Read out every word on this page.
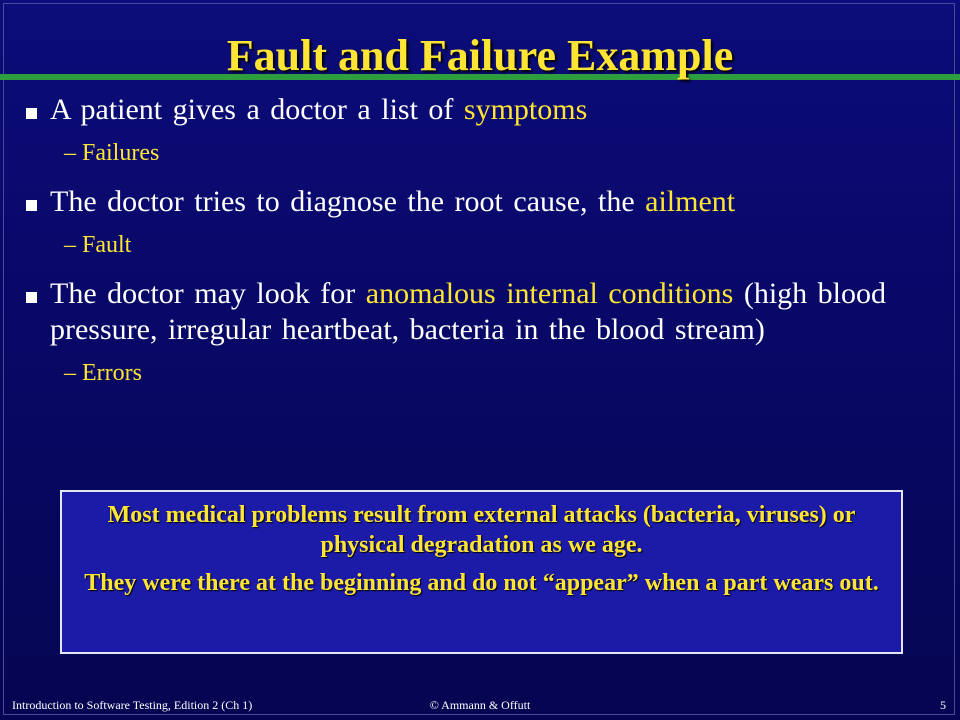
Fault and Failure Example
A patient gives a doctor a list of symptoms
– Failures
The doctor tries to diagnose the root cause, the ailment
– Fault
The doctor may look for anomalous internal conditions (high blood pressure, irregular heartbeat, bacteria in the blood stream)
– Errors

Most medical problems result from external attacks (bacteria, viruses) or physical degradation as we age.

They were there at the beginning and do not “appear” when a part wears out.

Introduction to Software Testing, Edition 2 (Ch 1)	© Ammann & Offutt	5
